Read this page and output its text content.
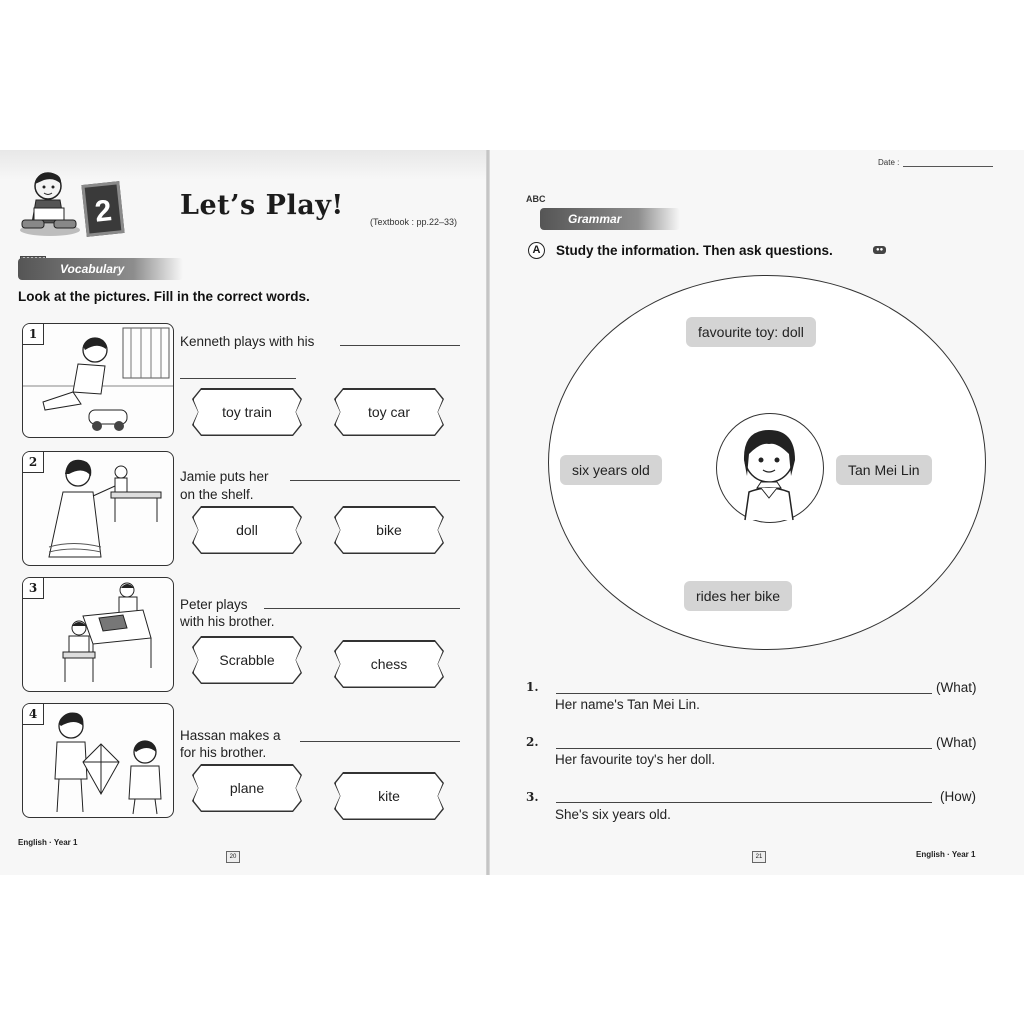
2	Let’s Play!
(Textbook : pp.22–33)
Vocabulary
Look at the pictures. Fill in the correct words.
1	Kenneth plays with his
toy train	toy car
2
Jamie puts her
on the shelf.
doll	bike
3
Peter plays
with his brother.
Scrabble	chess
4
Hassan makes a
for his brother.
plane	kite
English · Year 1
20
Date :
ABC
Grammar
A	Study the information. Then ask questions.	●●
favourite toy: doll
six years old	Tan Mei Lin
rides her bike
1.	(What)
Her name's Tan Mei Lin.
2.	(What)
Her favourite toy's her doll.
3.	(How)
She's six years old.
21	English · Year 1
